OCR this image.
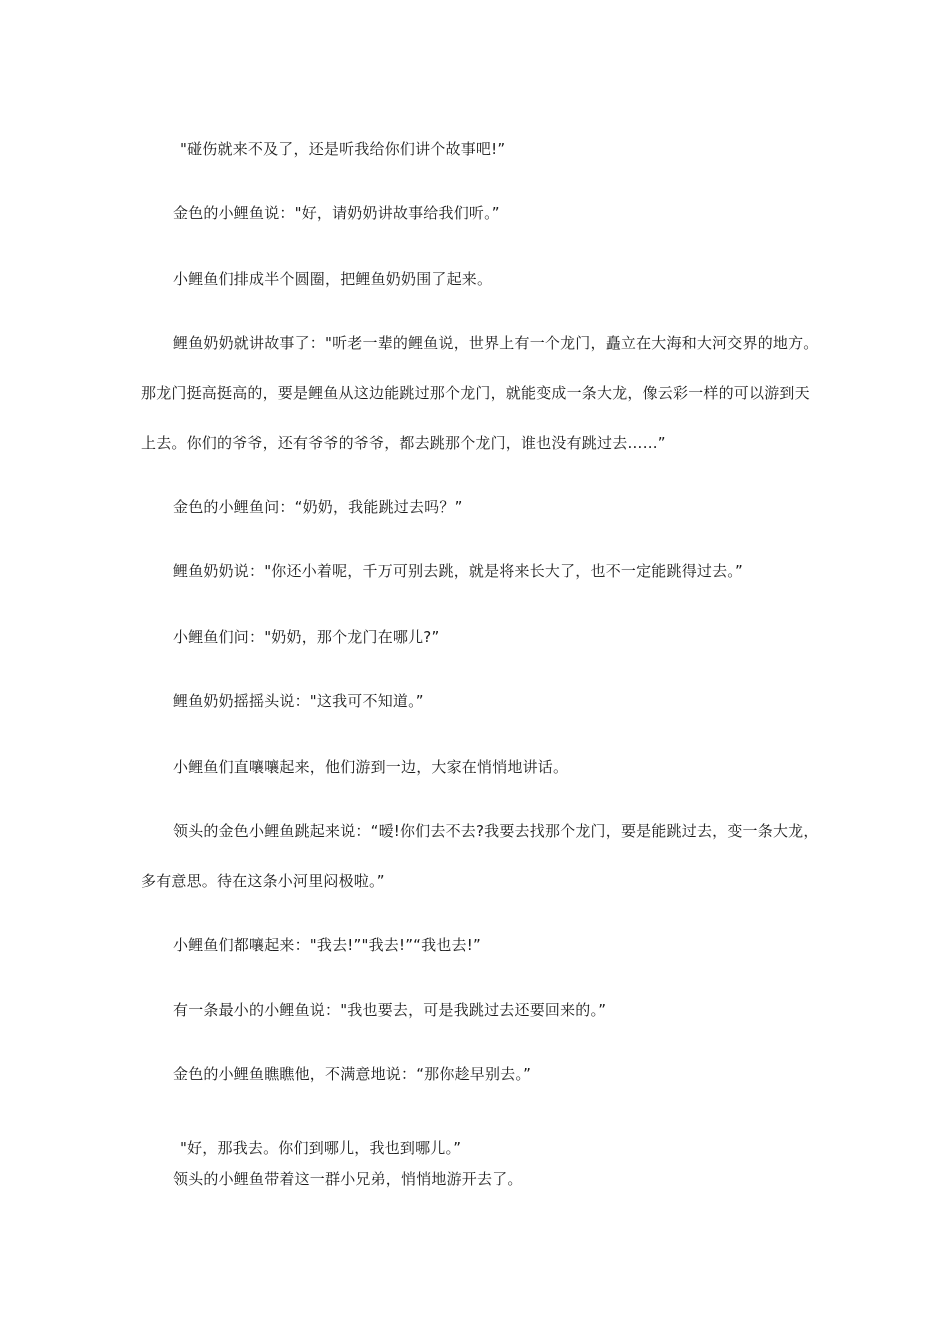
"碰伤就来不及了，还是听我给你们讲个故事吧!”
金色的小鲤鱼说："好，请奶奶讲故事给我们听。”
小鲤鱼们排成半个圆圈，把鲤鱼奶奶围了起来。
鲤鱼奶奶就讲故事了："听老一辈的鲤鱼说，世界上有一个龙门，矗立在大海和大河交界的地方。
那龙门挺高挺高的，要是鲤鱼从这边能跳过那个龙门，就能变成一条大龙，像云彩一样的可以游到天
上去。你们的爷爷，还有爷爷的爷爷，都去跳那个龙门，谁也没有跳过去……”
金色的小鲤鱼问：“奶奶，我能跳过去吗？”
鲤鱼奶奶说："你还小着呢，千万可别去跳，就是将来长大了，也不一定能跳得过去。”
小鲤鱼们问："奶奶，那个龙门在哪儿?”
鲤鱼奶奶摇摇头说："这我可不知道。”
小鲤鱼们直嚷嚷起来，他们游到一边，大家在悄悄地讲话。
领头的金色小鲤鱼跳起来说：“暧!你们去不去?我要去找那个龙门，要是能跳过去，变一条大龙，
多有意思。待在这条小河里闷极啦。”
小鲤鱼们都嚷起来："我去!”"我去!”“我也去!”
有一条最小的小鲤鱼说："我也要去，可是我跳过去还要回来的。”
金色的小鲤鱼瞧瞧他，不满意地说：“那你趁早别去。”
"好，那我去。你们到哪儿，我也到哪儿。”
领头的小鲤鱼带着这一群小兄弟，悄悄地游开去了。
